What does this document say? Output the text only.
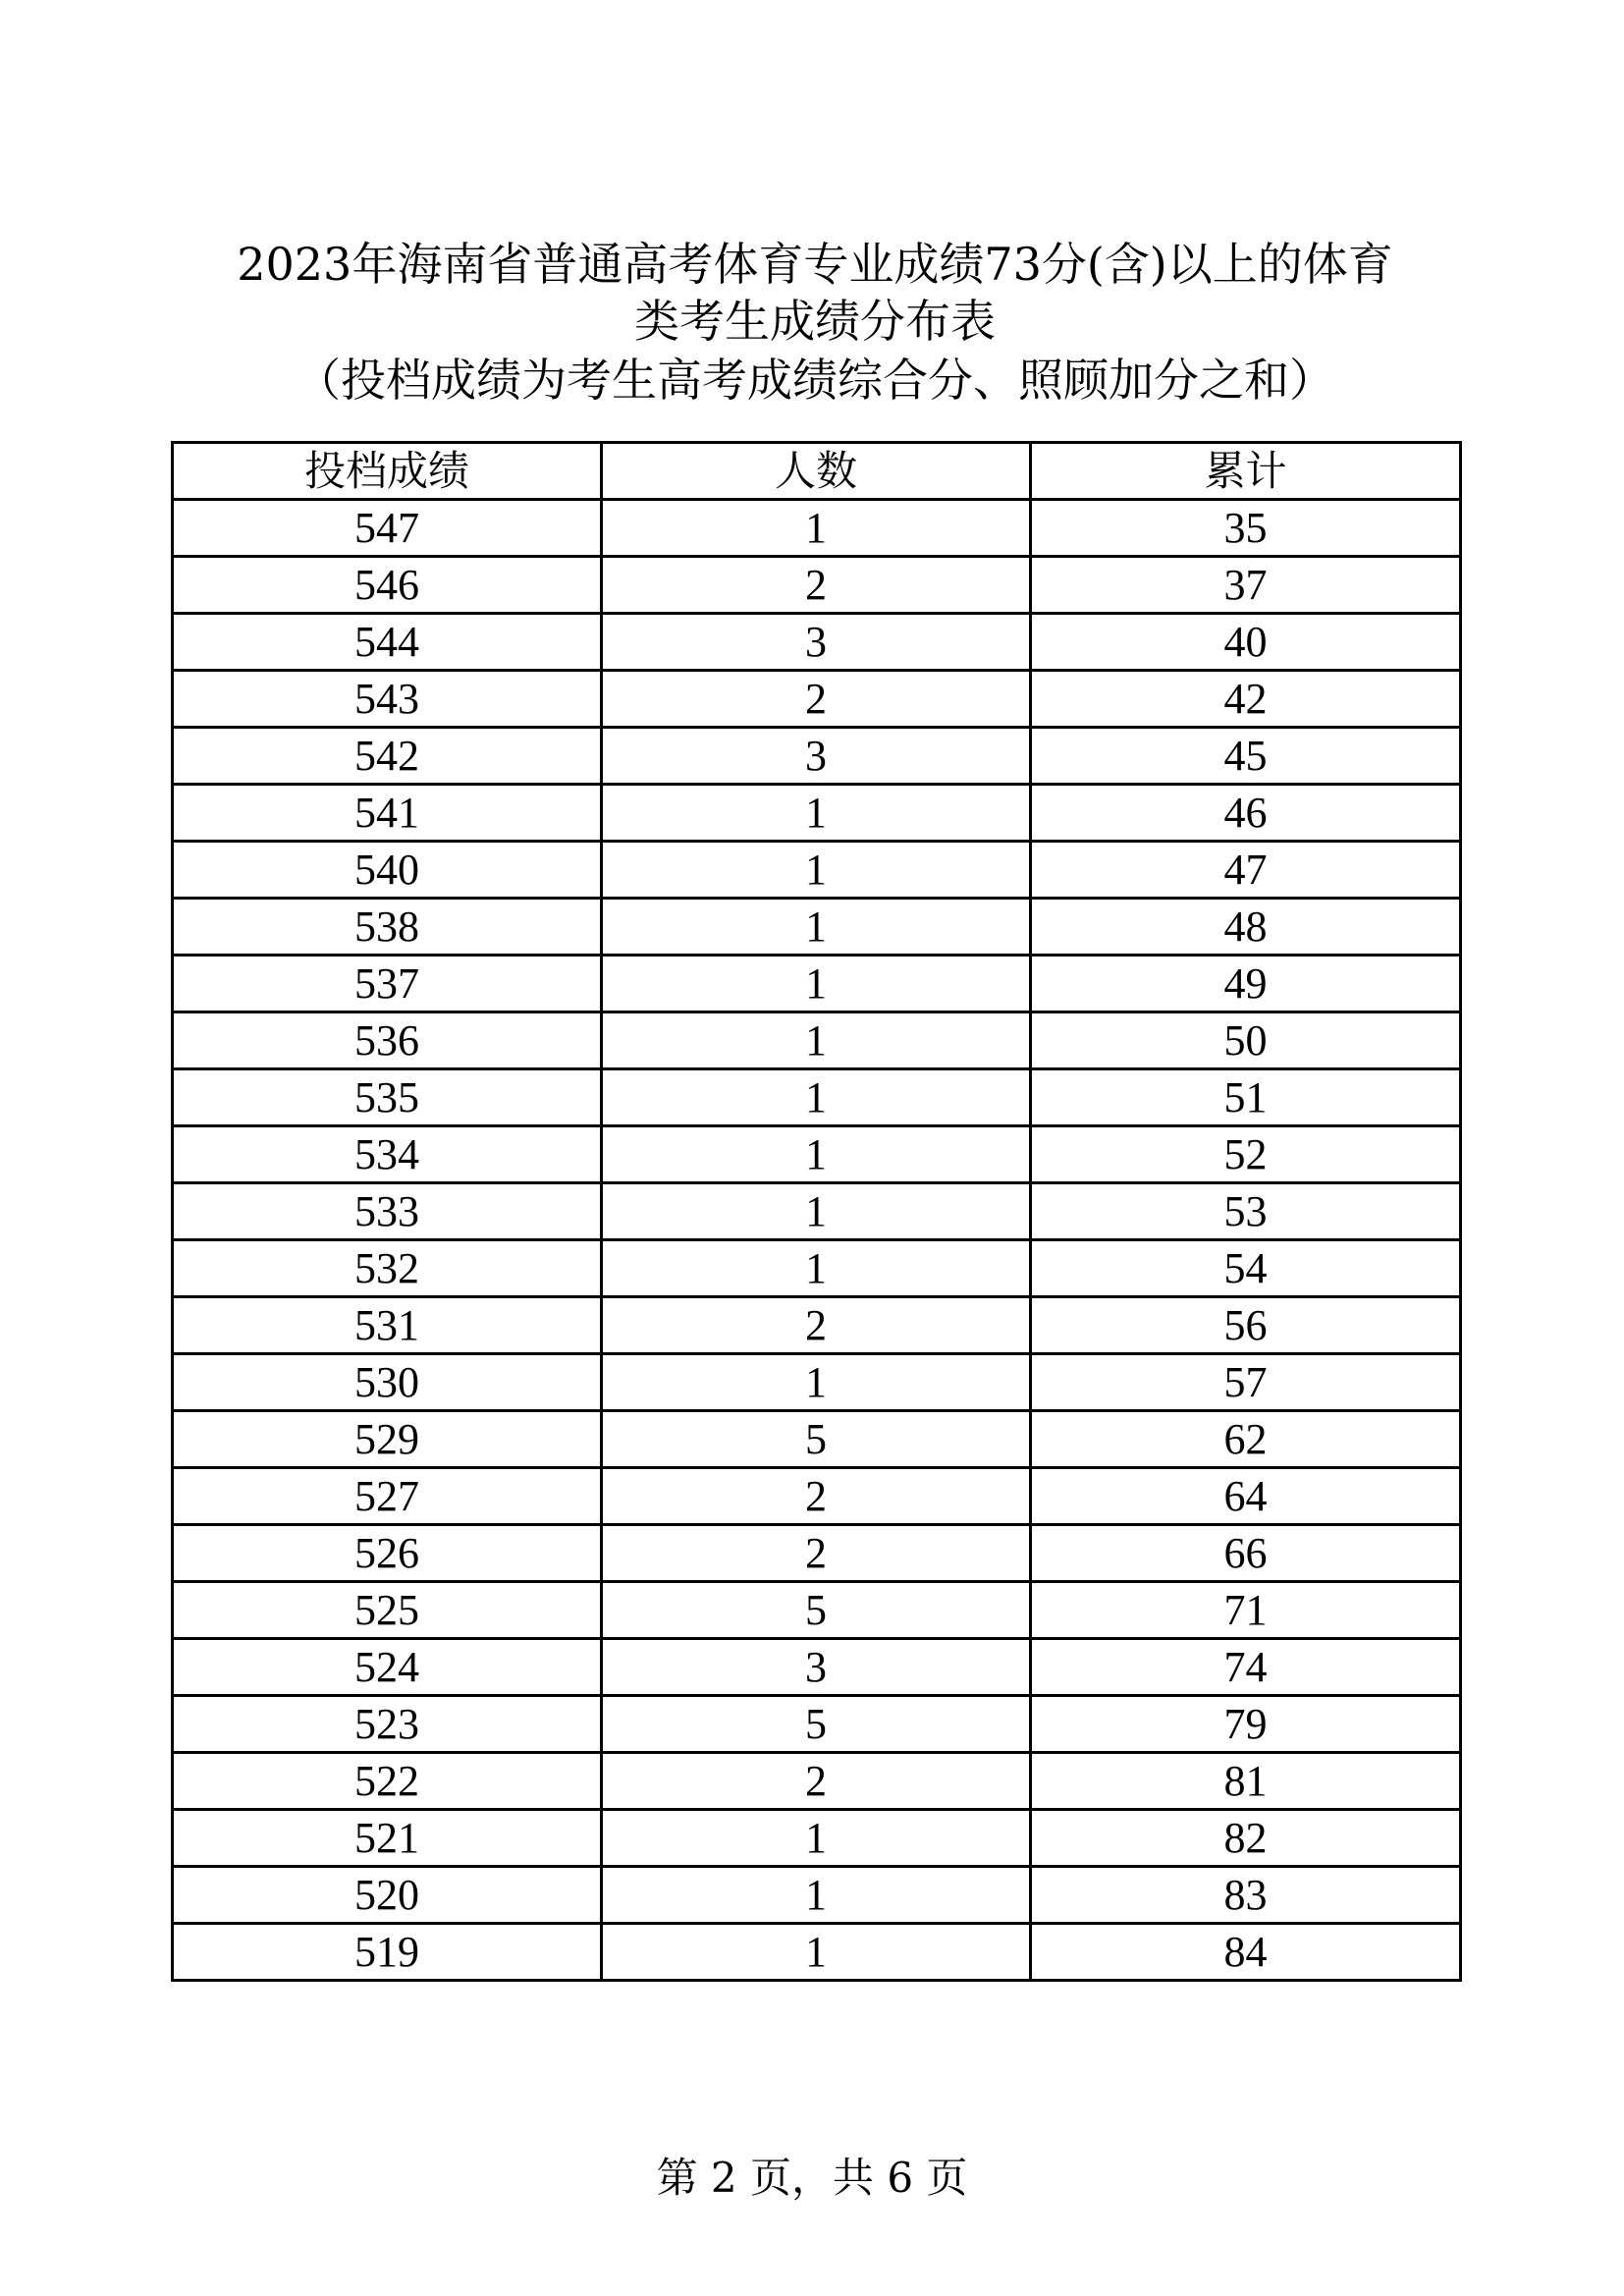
2023年海南省普通高考体育专业成绩73分(含)以上的体育
类考生成绩分布表
（投档成绩为考生高考成绩综合分、照顾加分之和）
投档成绩	人数	累计
547	1	35
546	2	37
544	3	40
543	2	42
542	3	45
541	1	46
540	1	47
538	1	48
537	1	49
536	1	50
535	1	51
534	1	52
533	1	53
532	1	54
531	2	56
530	1	57
529	5	62
527	2	64
526	2	66
525	5	71
524	3	74
523	5	79
522	2	81
521	1	82
520	1	83
519	1	84
第 2 页，共 6 页
